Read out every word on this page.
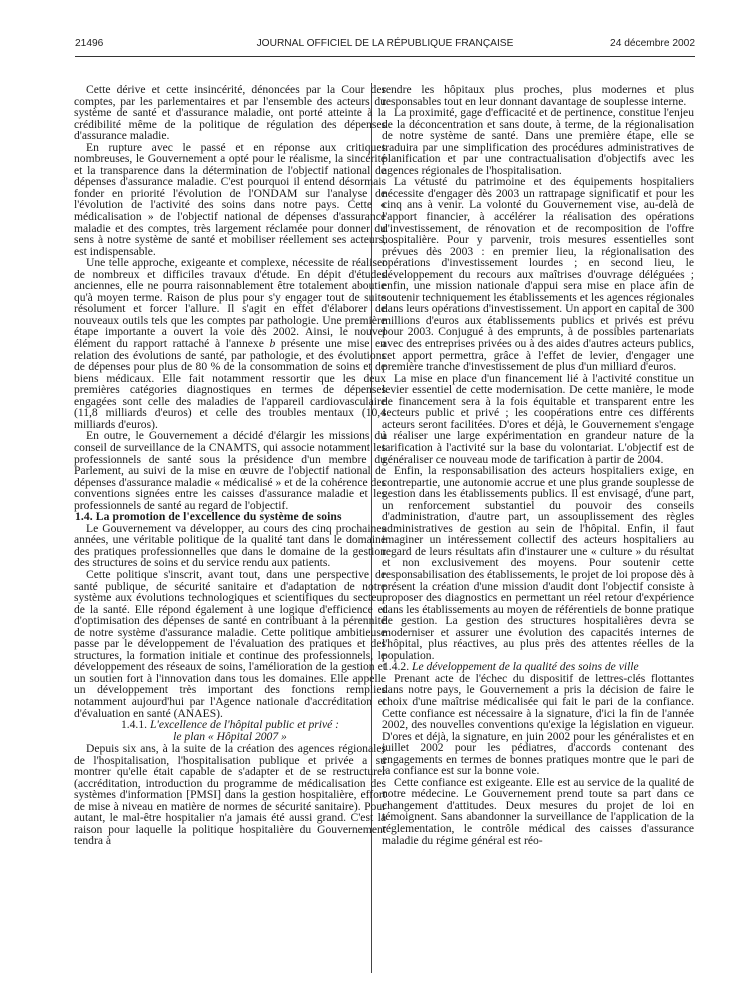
21496	JOURNAL OFFICIEL DE LA RÉPUBLIQUE FRANÇAISE	24 décembre 2002

Cette dérive et cette insincérité, dénoncées par la Cour des comptes, par les parlementaires et par l'ensemble des acteurs du système de santé et d'assurance maladie, ont porté atteinte à la crédibilité même de la politique de régulation des dépenses d'assurance maladie.

En rupture avec le passé et en réponse aux critiques nombreuses, le Gouvernement a opté pour le réalisme, la sincérité et la transparence dans la détermination de l'objectif national de dépenses d'assurance maladie. C'est pourquoi il entend désormais fonder en priorité l'évolution de l'ONDAM sur l'analyse de l'évolution de l'activité des soins dans notre pays. Cette « médicalisation » de l'objectif national de dépenses d'assurance maladie et des comptes, très largement réclamée pour donner du sens à notre système de santé et mobiliser réellement ses acteurs, est indispensable.

Une telle approche, exigeante et complexe, nécessite de réaliser de nombreux et difficiles travaux d'étude. En dépit d'études anciennes, elle ne pourra raisonnablement être totalement aboutie qu'à moyen terme. Raison de plus pour s'y engager tout de suite résolument et forcer l'allure. Il s'agit en effet d'élaborer de nouveaux outils tels que les comptes par pathologie. Une première étape importante a ouvert la voie dès 2002. Ainsi, le nouvel élément du rapport rattaché à l'annexe b présente une mise en relation des évolutions de santé, par pathologie, et des évolutions de dépenses pour plus de 80 % de la consommation de soins et de biens médicaux. Elle fait notamment ressortir que les deux premières catégories diagnostiques en termes de dépenses engagées sont celle des maladies de l'appareil cardiovasculaire (11,8 milliards d'euros) et celle des troubles mentaux (10,4 milliards d'euros).

En outre, le Gouvernement a décidé d'élargir les missions du conseil de surveillance de la CNAMTS, qui associe notamment les professionnels de santé sous la présidence d'un membre du Parlement, au suivi de la mise en œuvre de l'objectif national de dépenses d'assurance maladie « médicalisé » et de la cohérence des conventions signées entre les caisses d'assurance maladie et les professionnels de santé au regard de l'objectif.

1.4. La promotion de l'excellence du système de soins

Le Gouvernement va développer, au cours des cinq prochaines années, une véritable politique de la qualité tant dans le domaine des pratiques professionnelles que dans le domaine de la gestion des structures de soins et du service rendu aux patients.

Cette politique s'inscrit, avant tout, dans une perspective de santé publique, de sécurité sanitaire et d'adaptation de notre système aux évolutions technologiques et scientifiques du secteur de la santé. Elle répond également à une logique d'efficience et d'optimisation des dépenses de santé en contribuant à la pérennité de notre système d'assurance maladie. Cette politique ambitieuse passe par le développement de l'évaluation des pratiques et des structures, la formation initiale et continue des professionnels, le développement des réseaux de soins, l'amélioration de la gestion et un soutien fort à l'innovation dans tous les domaines. Elle appelle un développement très important des fonctions remplies notamment aujourd'hui par l'Agence nationale d'accréditation et d'évaluation en santé (ANAES).

1.4.1. L'excellence de l'hôpital public et privé :
le plan « Hôpital 2007 »

Depuis six ans, à la suite de la création des agences régionales de l'hospitalisation, l'hospitalisation publique et privée a su montrer qu'elle était capable de s'adapter et de se restructurer (accréditation, introduction du programme de médicalisation des systèmes d'information [PMSI] dans la gestion hospitalière, effort de mise à niveau en matière de normes de sécurité sanitaire). Pour autant, le mal-être hospitalier n'a jamais été aussi grand. C'est la raison pour laquelle la politique hospitalière du Gouvernement tendra à

rendre les hôpitaux plus proches, plus modernes et plus responsables tout en leur donnant davantage de souplesse interne.

La proximité, gage d'efficacité et de pertinence, constitue l'enjeu de la déconcentration et sans doute, à terme, de la régionalisation de notre système de santé. Dans une première étape, elle se traduira par une simplification des procédures administratives de planification et par une contractualisation d'objectifs avec les agences régionales de l'hospitalisation.

La vétusté du patrimoine et des équipements hospitaliers nécessite d'engager dès 2003 un rattrapage significatif et pour les cinq ans à venir. La volonté du Gouvernement vise, au-delà de l'apport financier, à accélérer la réalisation des opérations d'investissement, de rénovation et de recomposition de l'offre hospitalière. Pour y parvenir, trois mesures essentielles sont prévues dès 2003 : en premier lieu, la régionalisation des opérations d'investissement lourdes ; en second lieu, le développement du recours aux maîtrises d'ouvrage déléguées ; enfin, une mission nationale d'appui sera mise en place afin de soutenir techniquement les établissements et les agences régionales dans leurs opérations d'investissement. Un apport en capital de 300 millions d'euros aux établissements publics et privés est prévu pour 2003. Conjugué à des emprunts, à de possibles partenariats avec des entreprises privées ou à des aides d'autres acteurs publics, cet apport permettra, grâce à l'effet de levier, d'engager une première tranche d'investissement de plus d'un milliard d'euros.

La mise en place d'un financement lié à l'activité constitue un levier essentiel de cette modernisation. De cette manière, le mode de financement sera à la fois équitable et transparent entre les secteurs public et privé ; les coopérations entre ces différents acteurs seront facilitées. D'ores et déjà, le Gouvernement s'engage à réaliser une large expérimentation en grandeur nature de la tarification à l'activité sur la base du volontariat. L'objectif est de généraliser ce nouveau mode de tarification à partir de 2004.

Enfin, la responsabilisation des acteurs hospitaliers exige, en contrepartie, une autonomie accrue et une plus grande souplesse de gestion dans les établissements publics. Il est envisagé, d'une part, un renforcement substantiel du pouvoir des conseils d'administration, d'autre part, un assouplissement des règles administratives de gestion au sein de l'hôpital. Enfin, il faut imaginer un intéressement collectif des acteurs hospitaliers au regard de leurs résultats afin d'instaurer une « culture » du résultat et non exclusivement des moyens. Pour soutenir cette responsabilisation des établissements, le projet de loi propose dès à présent la création d'une mission d'audit dont l'objectif consiste à proposer des diagnostics en permettant un réel retour d'expérience dans les établissements au moyen de référentiels de bonne pratique de gestion. La gestion des structures hospitalières devra se moderniser et assurer une évolution des capacités internes de l'hôpital, plus réactives, au plus près des attentes réelles de la population.

1.4.2. Le développement de la qualité des soins de ville

Prenant acte de l'échec du dispositif de lettres-clés flottantes dans notre pays, le Gouvernement a pris la décision de faire le choix d'une maîtrise médicalisée qui fait le pari de la confiance. Cette confiance est nécessaire à la signature, d'ici la fin de l'année 2002, des nouvelles conventions qu'exige la législation en vigueur. D'ores et déjà, la signature, en juin 2002 pour les généralistes et en juillet 2002 pour les pédiatres, d'accords contenant des engagements en termes de bonnes pratiques montre que le pari de la confiance est sur la bonne voie.

Cette confiance est exigeante. Elle est au service de la qualité de notre médecine. Le Gouvernement prend toute sa part dans ce changement d'attitudes. Deux mesures du projet de loi en témoignent. Sans abandonner la surveillance de l'application de la réglementation, le contrôle médical des caisses d'assurance maladie du régime général est réo-
